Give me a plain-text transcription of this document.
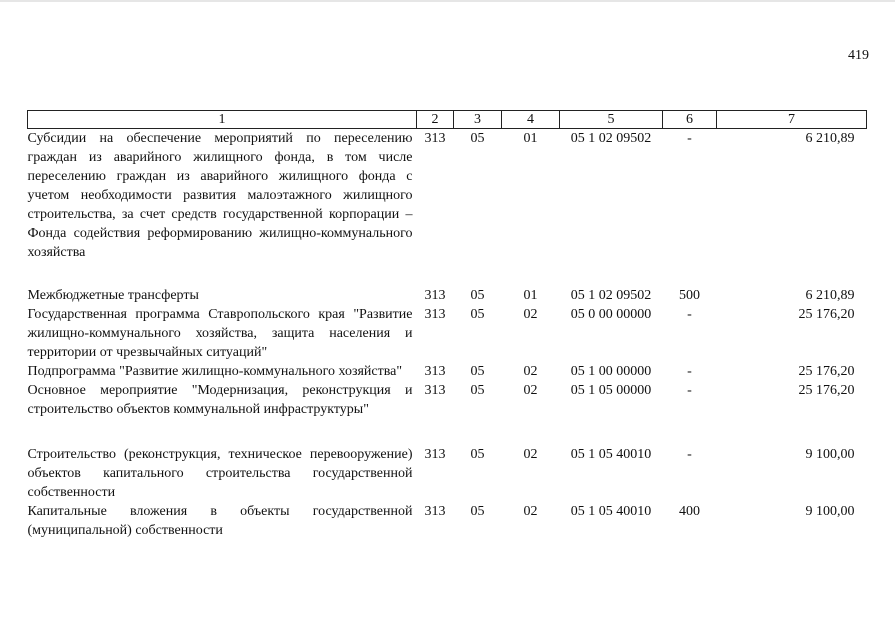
419
1	2	3	4	5	6	7
Субсидии на обеспечение мероприятий по переселению граждан из аварийного жилищного фонда, в том числе переселению граждан из аварийного жилищного фонда с учетом необходимости развития малоэтажного жилищного строительства, за счет средств государственной корпорации – Фонда содействия реформированию жилищно-коммунального хозяйства	313	05	01	05 1 02 09502	-	6 210,89

Межбюджетные трансферты	313	05	01	05 1 02 09502	500	6 210,89
Государственная программа Ставропольского края "Развитие жилищно-коммунального хозяйства, защита населения и территории от чрезвычайных ситуаций"	313	05	02	05 0 00 00000	-	25 176,20
Подпрограмма "Развитие жилищно-коммунального хозяйства"	313	05	02	05 1 00 00000	-	25 176,20
Основное мероприятие "Модернизация, реконструкция и строительство объектов коммунальной инфраструктуры"	313	05	02	05 1 05 00000	-	25 176,20

Строительство (реконструкция, техническое перевооружение) объектов капитального строительства государственной собственности	313	05	02	05 1 05 40010	-	9 100,00
Капитальные вложения в объекты государственной (муниципальной) собственности	313	05	02	05 1 05 40010	400	9 100,00
